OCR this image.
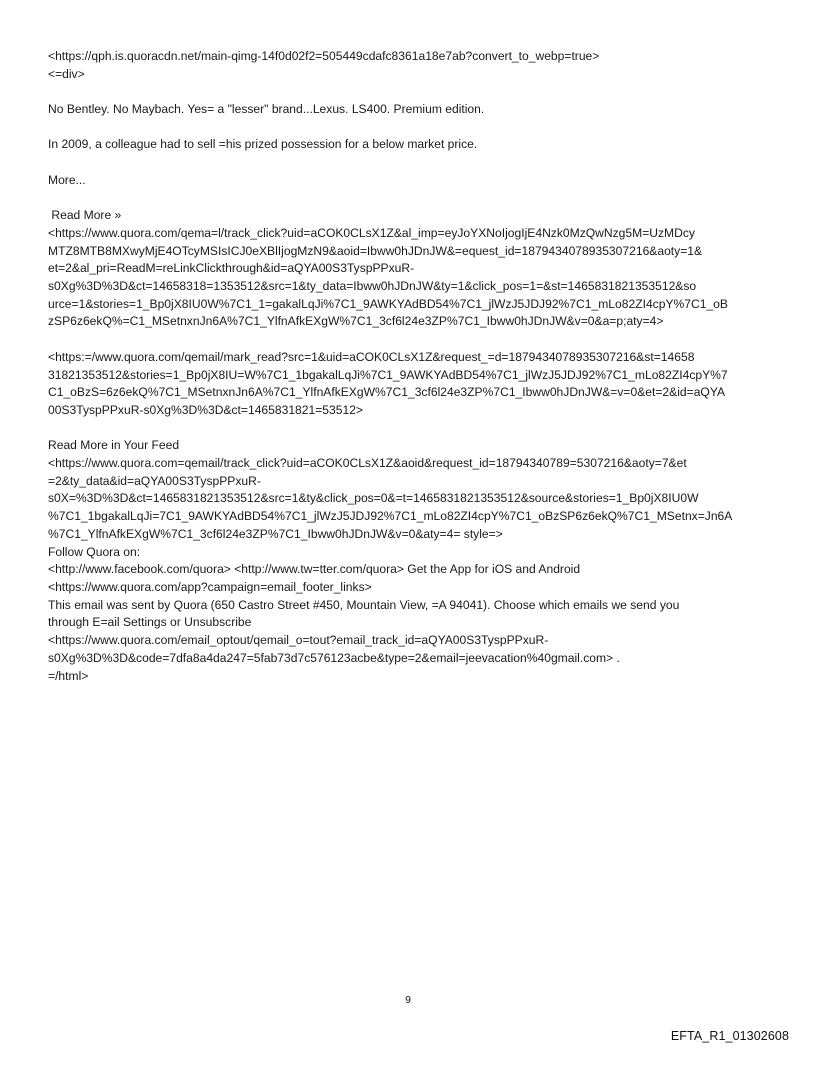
<https://qph.is.quoracdn.net/main-qimg-14f0d02f2=505449cdafc8361a18e7ab?convert_to_webp=true>
<=div>
No Bentley. No Maybach. Yes= a "lesser" brand...Lexus. LS400. Premium edition.
In 2009, a colleague had to sell =his prized possession for a below market price.
More...
Read More »
<https://www.quora.com/qema=l/track_click?uid=aCOK0CLsX1Z&al_imp=eyJoYXNoIjogIjE4Nzk0MzQwNzg5M=UzMDcy
MTZ8MTB8MXwyMjE4OTcyMSIsICJ0eXBlIjogMzN9&aoid=Ibww0hJDnJW&=equest_id=1879434078935307216&aoty=1&
et=2&al_pri=ReadM=reLinkClickthrough&id=aQYA00S3TyspPPxuR-
s0Xg%3D%3D&ct=14658318=1353512&src=1&ty_data=Ibww0hJDnJW&ty=1&click_pos=1=&st=1465831821353512&so
urce=1&stories=1_Bp0jX8IU0W%7C1_1=gakalLqJi%7C1_9AWKYAdBD54%7C1_jlWzJ5JDJ92%7C1_mLo82ZI4cpY%7C1_oB
zSP6z6ekQ%=C1_MSetnxnJn6A%7C1_YlfnAfkEXgW%7C1_3cf6l24e3ZP%7C1_Ibww0hJDnJW&v=0&a=p;aty=4>
<https:=/www.quora.com/qemail/mark_read?src=1&uid=aCOK0CLsX1Z&request_=d=1879434078935307216&st=14658
31821353512&stories=1_Bp0jX8IU=W%7C1_1bgakalLqJi%7C1_9AWKYAdBD54%7C1_jlWzJ5JDJ92%7C1_mLo82ZI4cpY%7
C1_oBzS=6z6ekQ%7C1_MSetnxnJn6A%7C1_YlfnAfkEXgW%7C1_3cf6l24e3ZP%7C1_Ibww0hJDnJW&=v=0&et=2&id=aQYA
00S3TyspPPxuR-s0Xg%3D%3D&ct=1465831821=53512>
Read More in Your Feed
<https://www.quora.com=qemail/track_click?uid=aCOK0CLsX1Z&aoid&request_id=18794340789=5307216&aoty=7&et
=2&ty_data&id=aQYA00S3TyspPPxuR-
s0X=%3D%3D&ct=1465831821353512&src=1&ty&click_pos=0&=t=1465831821353512&source&stories=1_Bp0jX8IU0W
%7C1_1bgakalLqJi=7C1_9AWKYAdBD54%7C1_jlWzJ5JDJ92%7C1_mLo82ZI4cpY%7C1_oBzSP6z6ekQ%7C1_MSetnx=Jn6A
%7C1_YlfnAfkEXgW%7C1_3cf6l24e3ZP%7C1_Ibww0hJDnJW&v=0&aty=4= style=>
Follow Quora on:
<http://www.facebook.com/quora> <http://www.tw=tter.com/quora> Get the App for iOS and Android
<https://www.quora.com/app?campaign=email_footer_links>
This email was sent by Quora (650 Castro Street #450, Mountain View, =A 94041). Choose which emails we send you
through E=ail Settings or Unsubscribe
<https://www.quora.com/email_optout/qemail_o=tout?email_track_id=aQYA00S3TyspPPxuR-
s0Xg%3D%3D&code=7dfa8a4da247=5fab73d7c576123acbe&type=2&email=jeevacation%40gmail.com> .
=/html>
9
EFTA_R1_01302608
